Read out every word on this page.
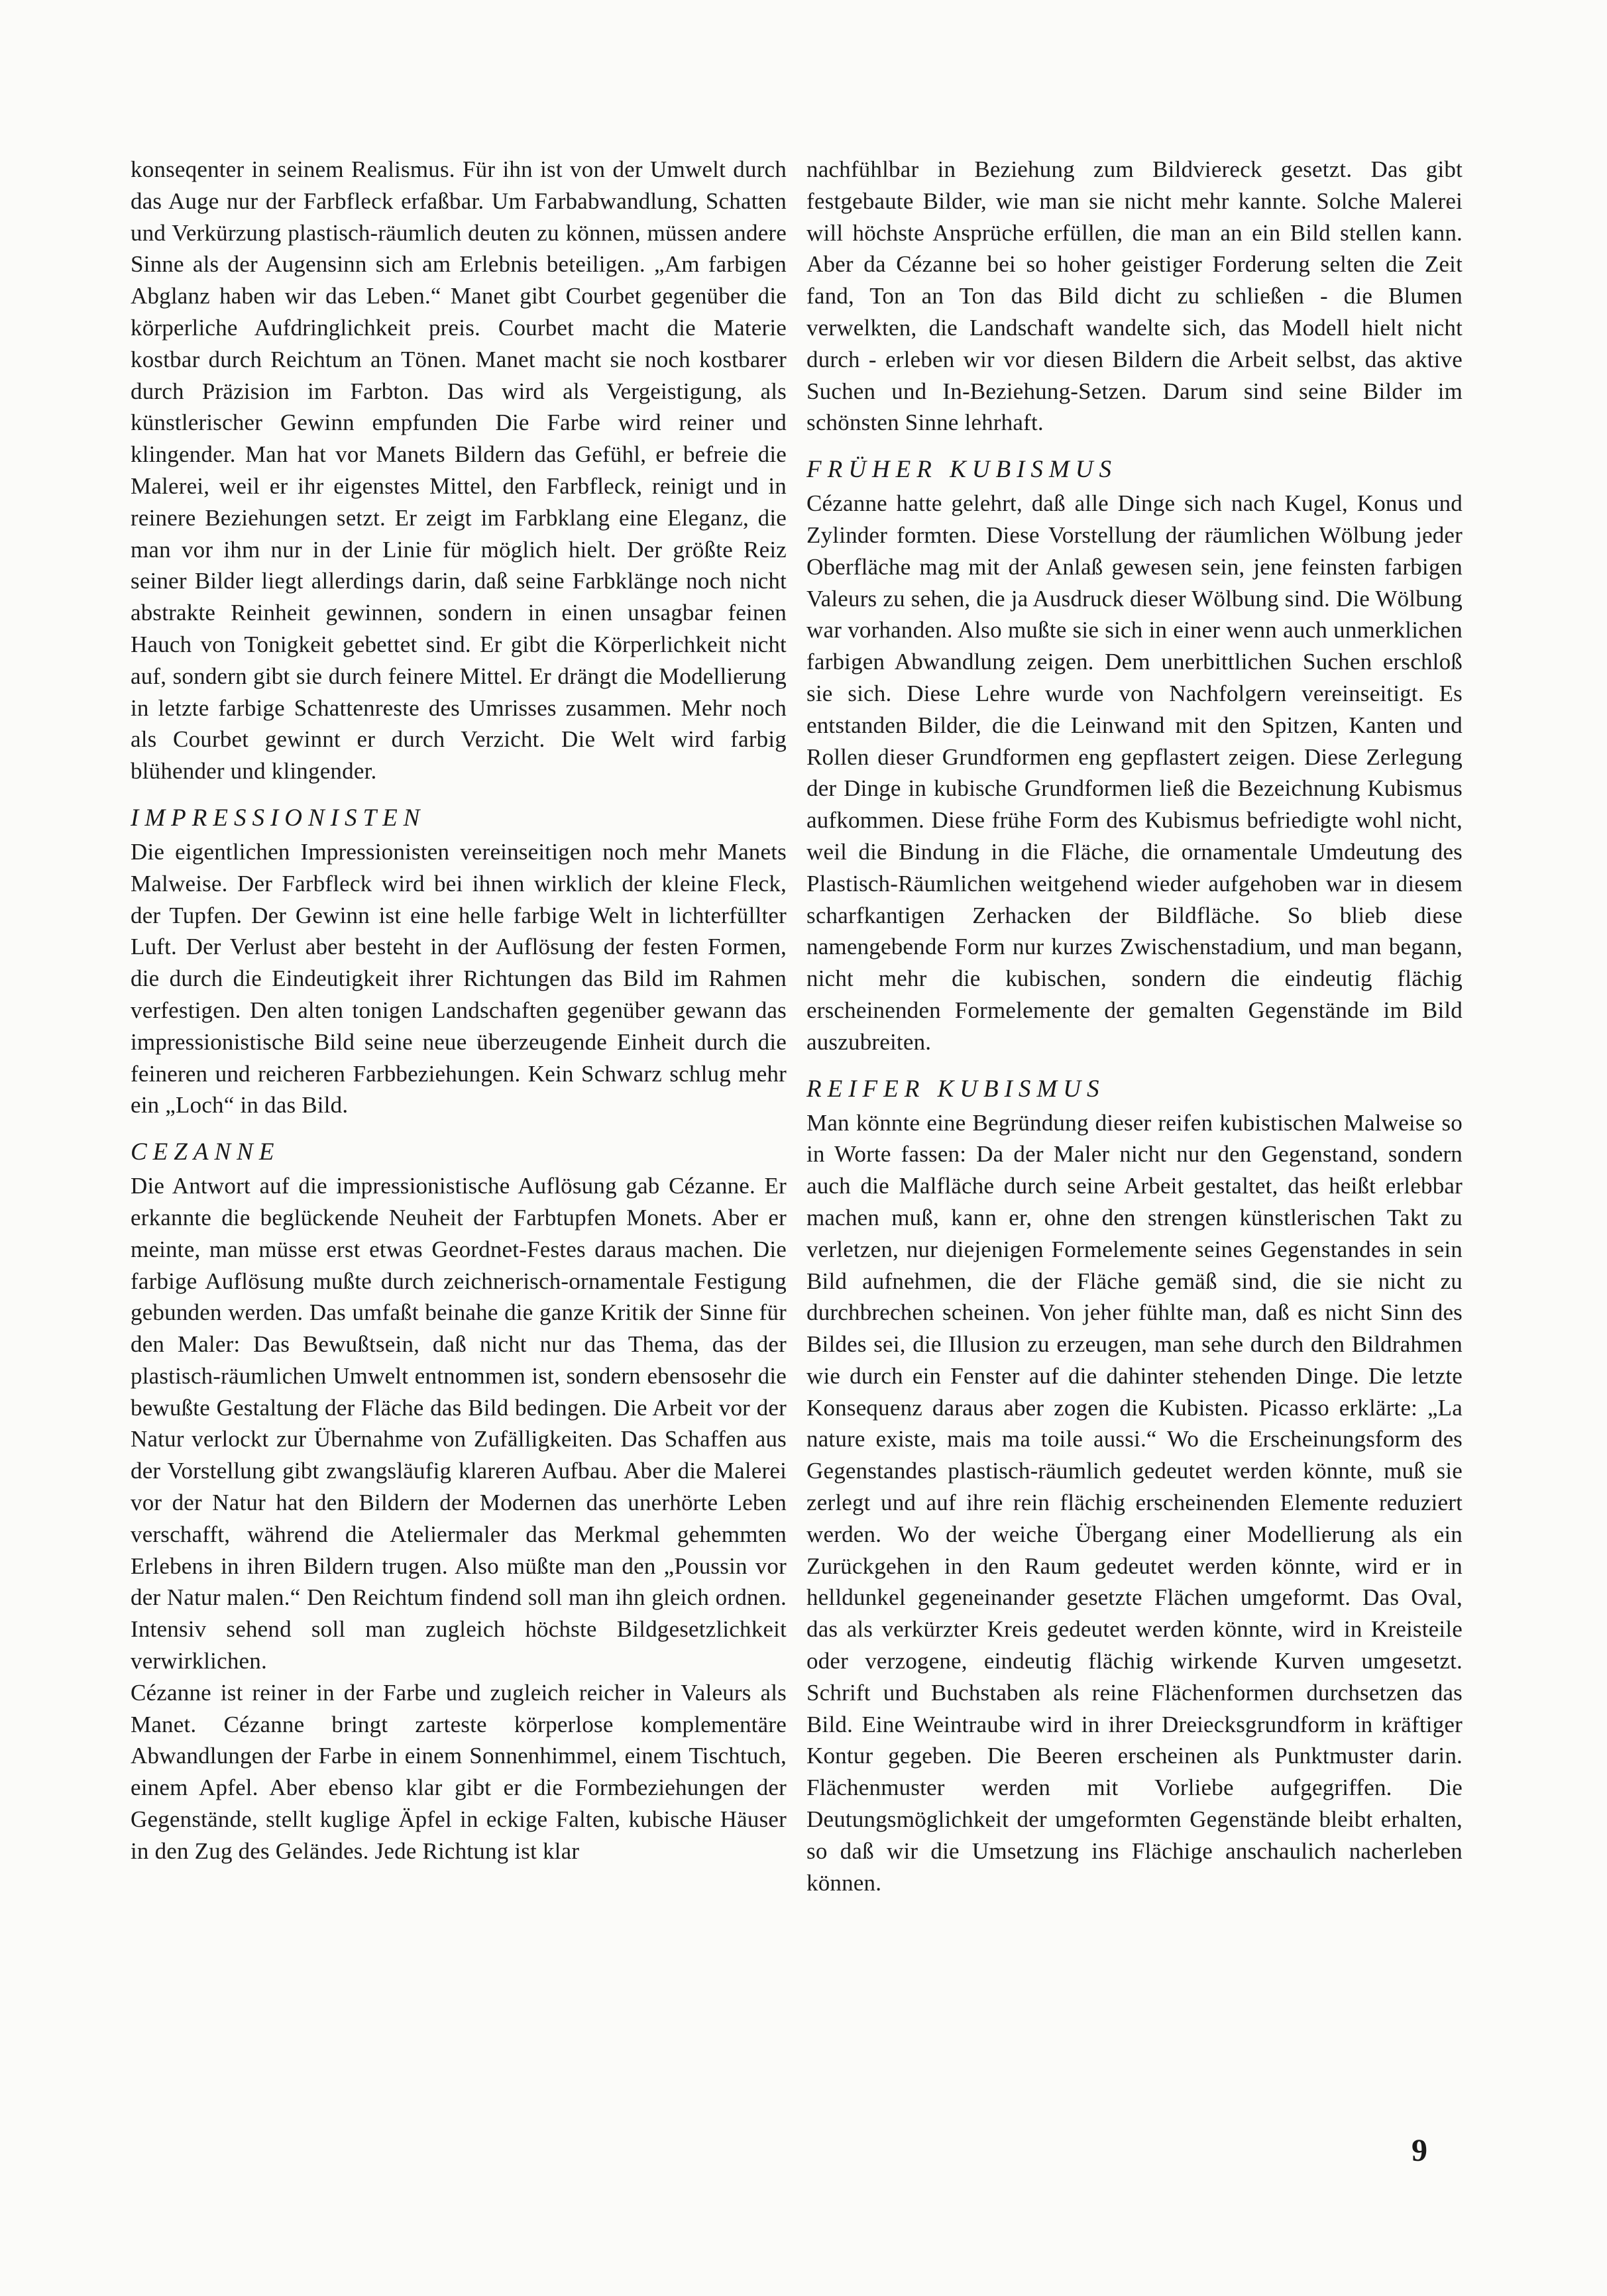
konseqenter in seinem Realismus. Für ihn ist von der Umwelt durch das Auge nur der Farbfleck erfaßbar. Um Farbabwandlung, Schatten und Verkürzung plastisch-räumlich deuten zu können, müssen andere Sinne als der Augensinn sich am Erlebnis beteiligen. „Am farbigen Abglanz haben wir das Leben.“ Manet gibt Courbet gegenüber die körperliche Aufdringlichkeit preis. Courbet macht die Materie kostbar durch Reichtum an Tönen. Manet macht sie noch kostbarer durch Präzision im Farbton. Das wird als Vergeistigung, als künstlerischer Gewinn empfunden Die Farbe wird reiner und klingender. Man hat vor Manets Bildern das Gefühl, er befreie die Malerei, weil er ihr eigenstes Mittel, den Farbfleck, reinigt und in reinere Beziehungen setzt. Er zeigt im Farbklang eine Eleganz, die man vor ihm nur in der Linie für möglich hielt. Der größte Reiz seiner Bilder liegt allerdings darin, daß seine Farbklänge noch nicht abstrakte Reinheit gewinnen, sondern in einen unsagbar feinen Hauch von Tonigkeit gebettet sind. Er gibt die Körperlichkeit nicht auf, sondern gibt sie durch feinere Mittel. Er drängt die Modellierung in letzte farbige Schattenreste des Umrisses zusammen. Mehr noch als Courbet gewinnt er durch Verzicht. Die Welt wird farbig blühender und klingender.

IMPRESSIONISTEN

Die eigentlichen Impressionisten vereinseitigen noch mehr Manets Malweise. Der Farbfleck wird bei ihnen wirklich der kleine Fleck, der Tupfen. Der Gewinn ist eine helle farbige Welt in lichterfüllter Luft. Der Verlust aber besteht in der Auflösung der festen Formen, die durch die Eindeutigkeit ihrer Richtungen das Bild im Rahmen verfestigen. Den alten tonigen Landschaften gegenüber gewann das impressionistische Bild seine neue überzeugende Einheit durch die feineren und reicheren Farbbeziehungen. Kein Schwarz schlug mehr ein „Loch“ in das Bild.

CEZANNE

Die Antwort auf die impressionistische Auflösung gab Cézanne. Er erkannte die beglückende Neuheit der Farbtupfen Monets. Aber er meinte, man müsse erst etwas Geordnet-Festes daraus machen. Die farbige Auflösung mußte durch zeichnerisch-ornamentale Festigung gebunden werden. Das umfaßt beinahe die ganze Kritik der Sinne für den Maler: Das Bewußtsein, daß nicht nur das Thema, das der plastisch-räumlichen Umwelt entnommen ist, sondern ebensosehr die bewußte Gestaltung der Fläche das Bild bedingen. Die Arbeit vor der Natur verlockt zur Übernahme von Zufälligkeiten. Das Schaffen aus der Vorstellung gibt zwangsläufig klareren Aufbau. Aber die Malerei vor der Natur hat den Bildern der Modernen das unerhörte Leben verschafft, während die Ateliermaler das Merkmal gehemmten Erlebens in ihren Bildern trugen. Also müßte man den „Poussin vor der Natur malen.“ Den Reichtum findend soll man ihn gleich ordnen. Intensiv sehend soll man zugleich höchste Bildgesetzlichkeit verwirklichen.

Cézanne ist reiner in der Farbe und zugleich reicher in Valeurs als Manet. Cézanne bringt zarteste körperlose komplementäre Abwandlungen der Farbe in einem Sonnenhimmel, einem Tischtuch, einem Apfel. Aber ebenso klar gibt er die Formbeziehungen der Gegenstände, stellt kuglige Äpfel in eckige Falten, kubische Häuser in den Zug des Geländes. Jede Richtung ist klar

nachfühlbar in Beziehung zum Bildviereck gesetzt. Das gibt festgebaute Bilder, wie man sie nicht mehr kannte. Solche Malerei will höchste Ansprüche erfüllen, die man an ein Bild stellen kann. Aber da Cézanne bei so hoher geistiger Forderung selten die Zeit fand, Ton an Ton das Bild dicht zu schließen - die Blumen verwelkten, die Landschaft wandelte sich, das Modell hielt nicht durch - erleben wir vor diesen Bildern die Arbeit selbst, das aktive Suchen und In-Beziehung-Setzen. Darum sind seine Bilder im schönsten Sinne lehrhaft.

FRÜHER KUBISMUS

Cézanne hatte gelehrt, daß alle Dinge sich nach Kugel, Konus und Zylinder formten. Diese Vorstellung der räumlichen Wölbung jeder Oberfläche mag mit der Anlaß gewesen sein, jene feinsten farbigen Valeurs zu sehen, die ja Ausdruck dieser Wölbung sind. Die Wölbung war vorhanden. Also mußte sie sich in einer wenn auch unmerklichen farbigen Abwandlung zeigen. Dem unerbittlichen Suchen erschloß sie sich. Diese Lehre wurde von Nachfolgern vereinseitigt. Es entstanden Bilder, die die Leinwand mit den Spitzen, Kanten und Rollen dieser Grundformen eng gepflastert zeigen. Diese Zerlegung der Dinge in kubische Grundformen ließ die Bezeichnung Kubismus aufkommen. Diese frühe Form des Kubismus befriedigte wohl nicht, weil die Bindung in die Fläche, die ornamentale Umdeutung des Plastisch-Räumlichen weitgehend wieder aufgehoben war in diesem scharfkantigen Zerhacken der Bildfläche. So blieb diese namengebende Form nur kurzes Zwischenstadium, und man begann, nicht mehr die kubischen, sondern die eindeutig flächig erscheinenden Formelemente der gemalten Gegenstände im Bild auszubreiten.

REIFER KUBISMUS

Man könnte eine Begründung dieser reifen kubistischen Malweise so in Worte fassen: Da der Maler nicht nur den Gegenstand, sondern auch die Malfläche durch seine Arbeit gestaltet, das heißt erlebbar machen muß, kann er, ohne den strengen künstlerischen Takt zu verletzen, nur diejenigen Formelemente seines Gegenstandes in sein Bild aufnehmen, die der Fläche gemäß sind, die sie nicht zu durchbrechen scheinen. Von jeher fühlte man, daß es nicht Sinn des Bildes sei, die Illusion zu erzeugen, man sehe durch den Bildrahmen wie durch ein Fenster auf die dahinter stehenden Dinge. Die letzte Konsequenz daraus aber zogen die Kubisten. Picasso erklärte: „La nature existe, mais ma toile aussi.“ Wo die Erscheinungsform des Gegenstandes plastisch-räumlich gedeutet werden könnte, muß sie zerlegt und auf ihre rein flächig erscheinenden Elemente reduziert werden. Wo der weiche Übergang einer Modellierung als ein Zurückgehen in den Raum gedeutet werden könnte, wird er in helldunkel gegeneinander gesetzte Flächen umgeformt. Das Oval, das als verkürzter Kreis gedeutet werden könnte, wird in Kreisteile oder verzogene, eindeutig flächig wirkende Kurven umgesetzt. Schrift und Buchstaben als reine Flächenformen durchsetzen das Bild. Eine Weintraube wird in ihrer Dreiecksgrundform in kräftiger Kontur gegeben. Die Beeren erscheinen als Punktmuster darin. Flächenmuster werden mit Vorliebe aufgegriffen. Die Deutungsmöglichkeit der umgeformten Gegenstände bleibt erhalten, so daß wir die Umsetzung ins Flächige anschaulich nacherleben können.

9
